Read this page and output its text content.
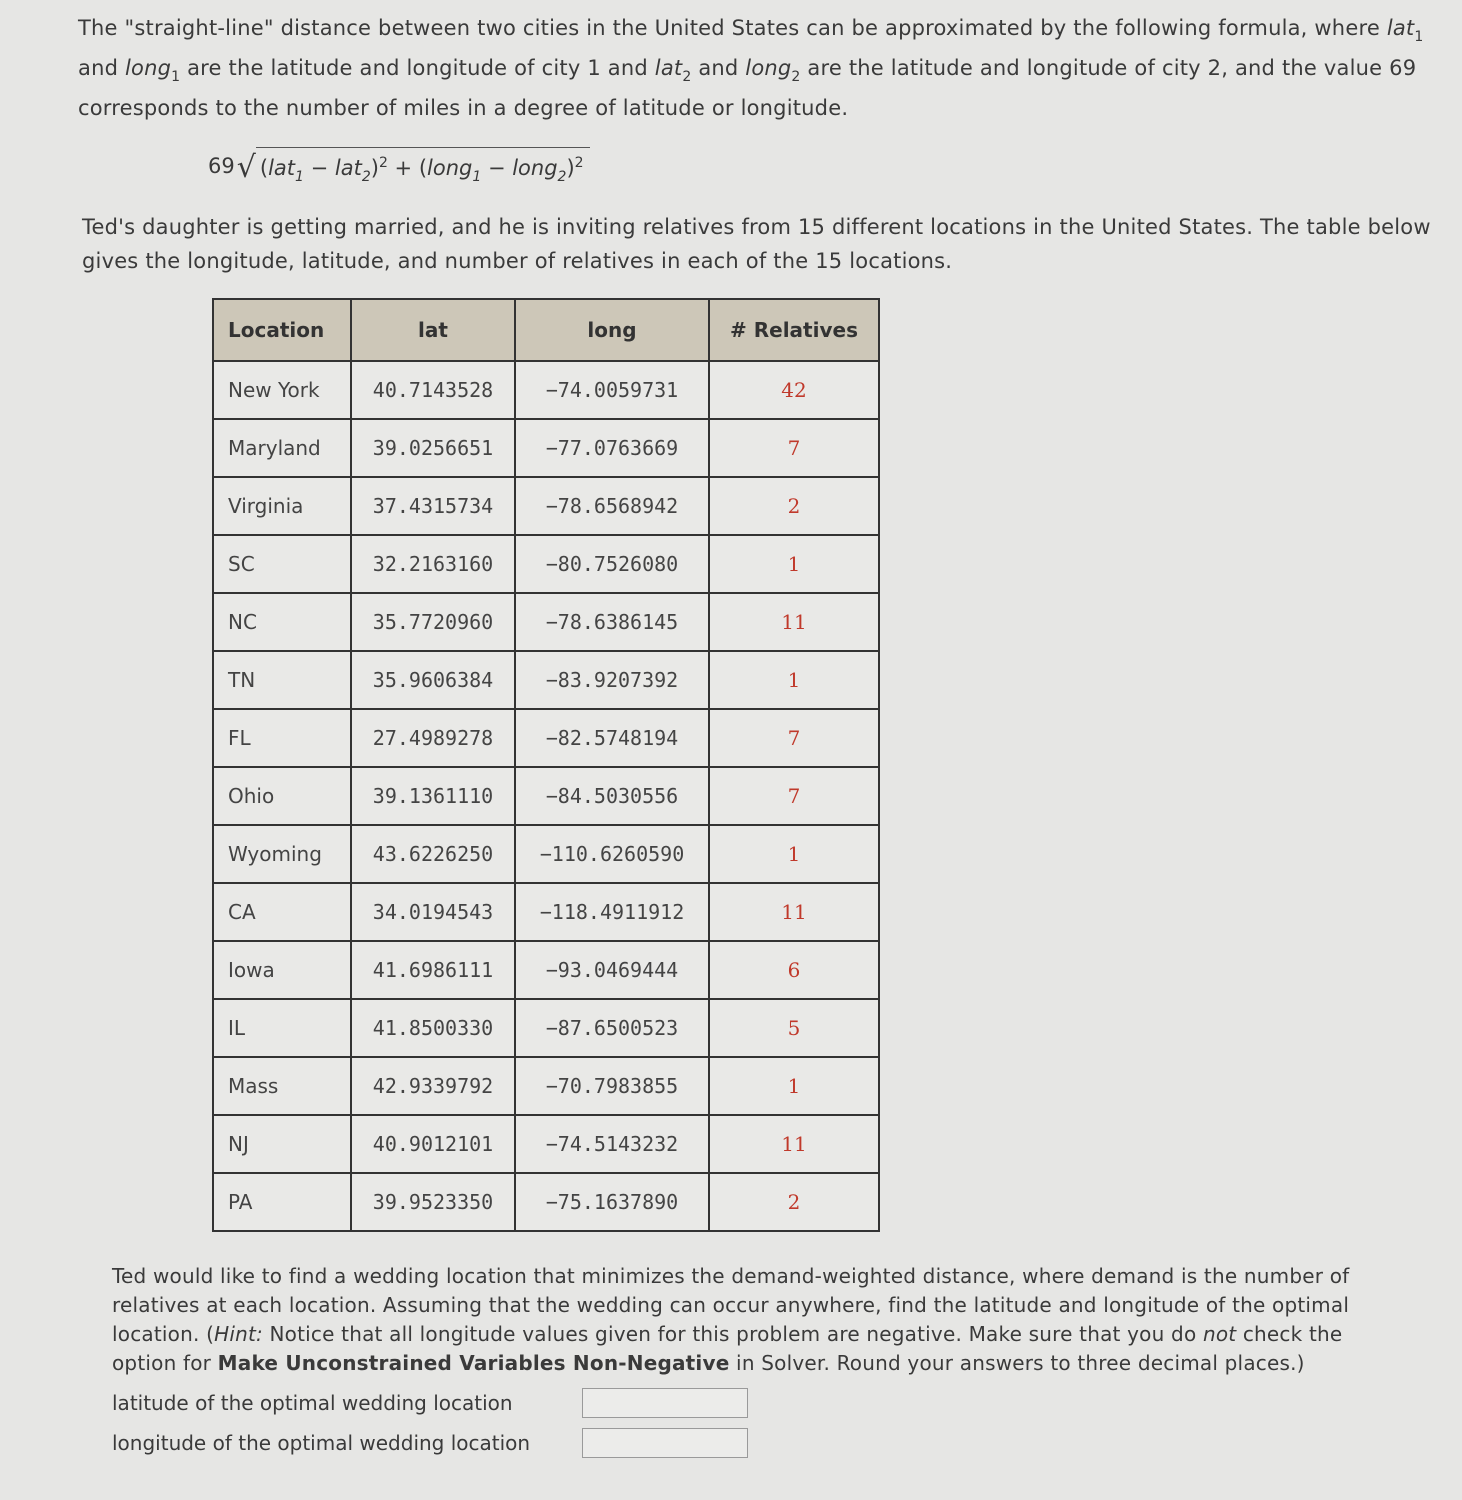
The "straight-line" distance between two cities in the United States can be approximated by the following formula, where lat$_1$ and long$_1$ are the latitude and longitude of city 1 and lat$_2$ and long$_2$ are the latitude and longitude of city 2, and the value 69 corresponds to the number of miles in a degree of latitude or longitude.

69 √ $(lat_1 - lat_2)^2$ + (long$_1$ − long$_2$)$^2$

Ted's daughter is getting married, and he is inviting relatives from 15 different locations in the United States. The table below gives the longitude, latitude, and number of relatives in each of the 15 locations.

Location	lat	long	# Relatives
New York	40.7143528	−74.0059731	42
Maryland	39.0256651	−77.0763669	7
Virginia	37.4315734	−78.6568942	2
SC	32.2163160	−80.7526080	1
NC	35.7720960	−78.6386145	11
TN	35.9606384	−83.9207392	1
FL	27.4989278	−82.5748194	7
Ohio	39.1361110	−84.5030556	7
Wyoming	43.6226250	−110.6260590	1
CA	34.0194543	−118.4911912	11
Iowa	41.6986111	−93.0469444	6
IL	41.8500330	−87.6500523	5
Mass	42.9339792	−70.7983855	1
NJ	40.9012101	−74.5143232	11
PA	39.9523350	−75.1637890	2

Ted would like to find a wedding location that minimizes the demand-weighted distance, where demand is the number of relatives at each location. Assuming that the wedding can occur anywhere, find the latitude and longitude of the optimal location. (Hint: Notice that all longitude values given for this problem are negative. Make sure that you do not check the option for Make Unconstrained Variables Non-Negative in Solver. Round your answers to three decimal places.)

latitude of the optimal wedding location
longitude of the optimal wedding location
